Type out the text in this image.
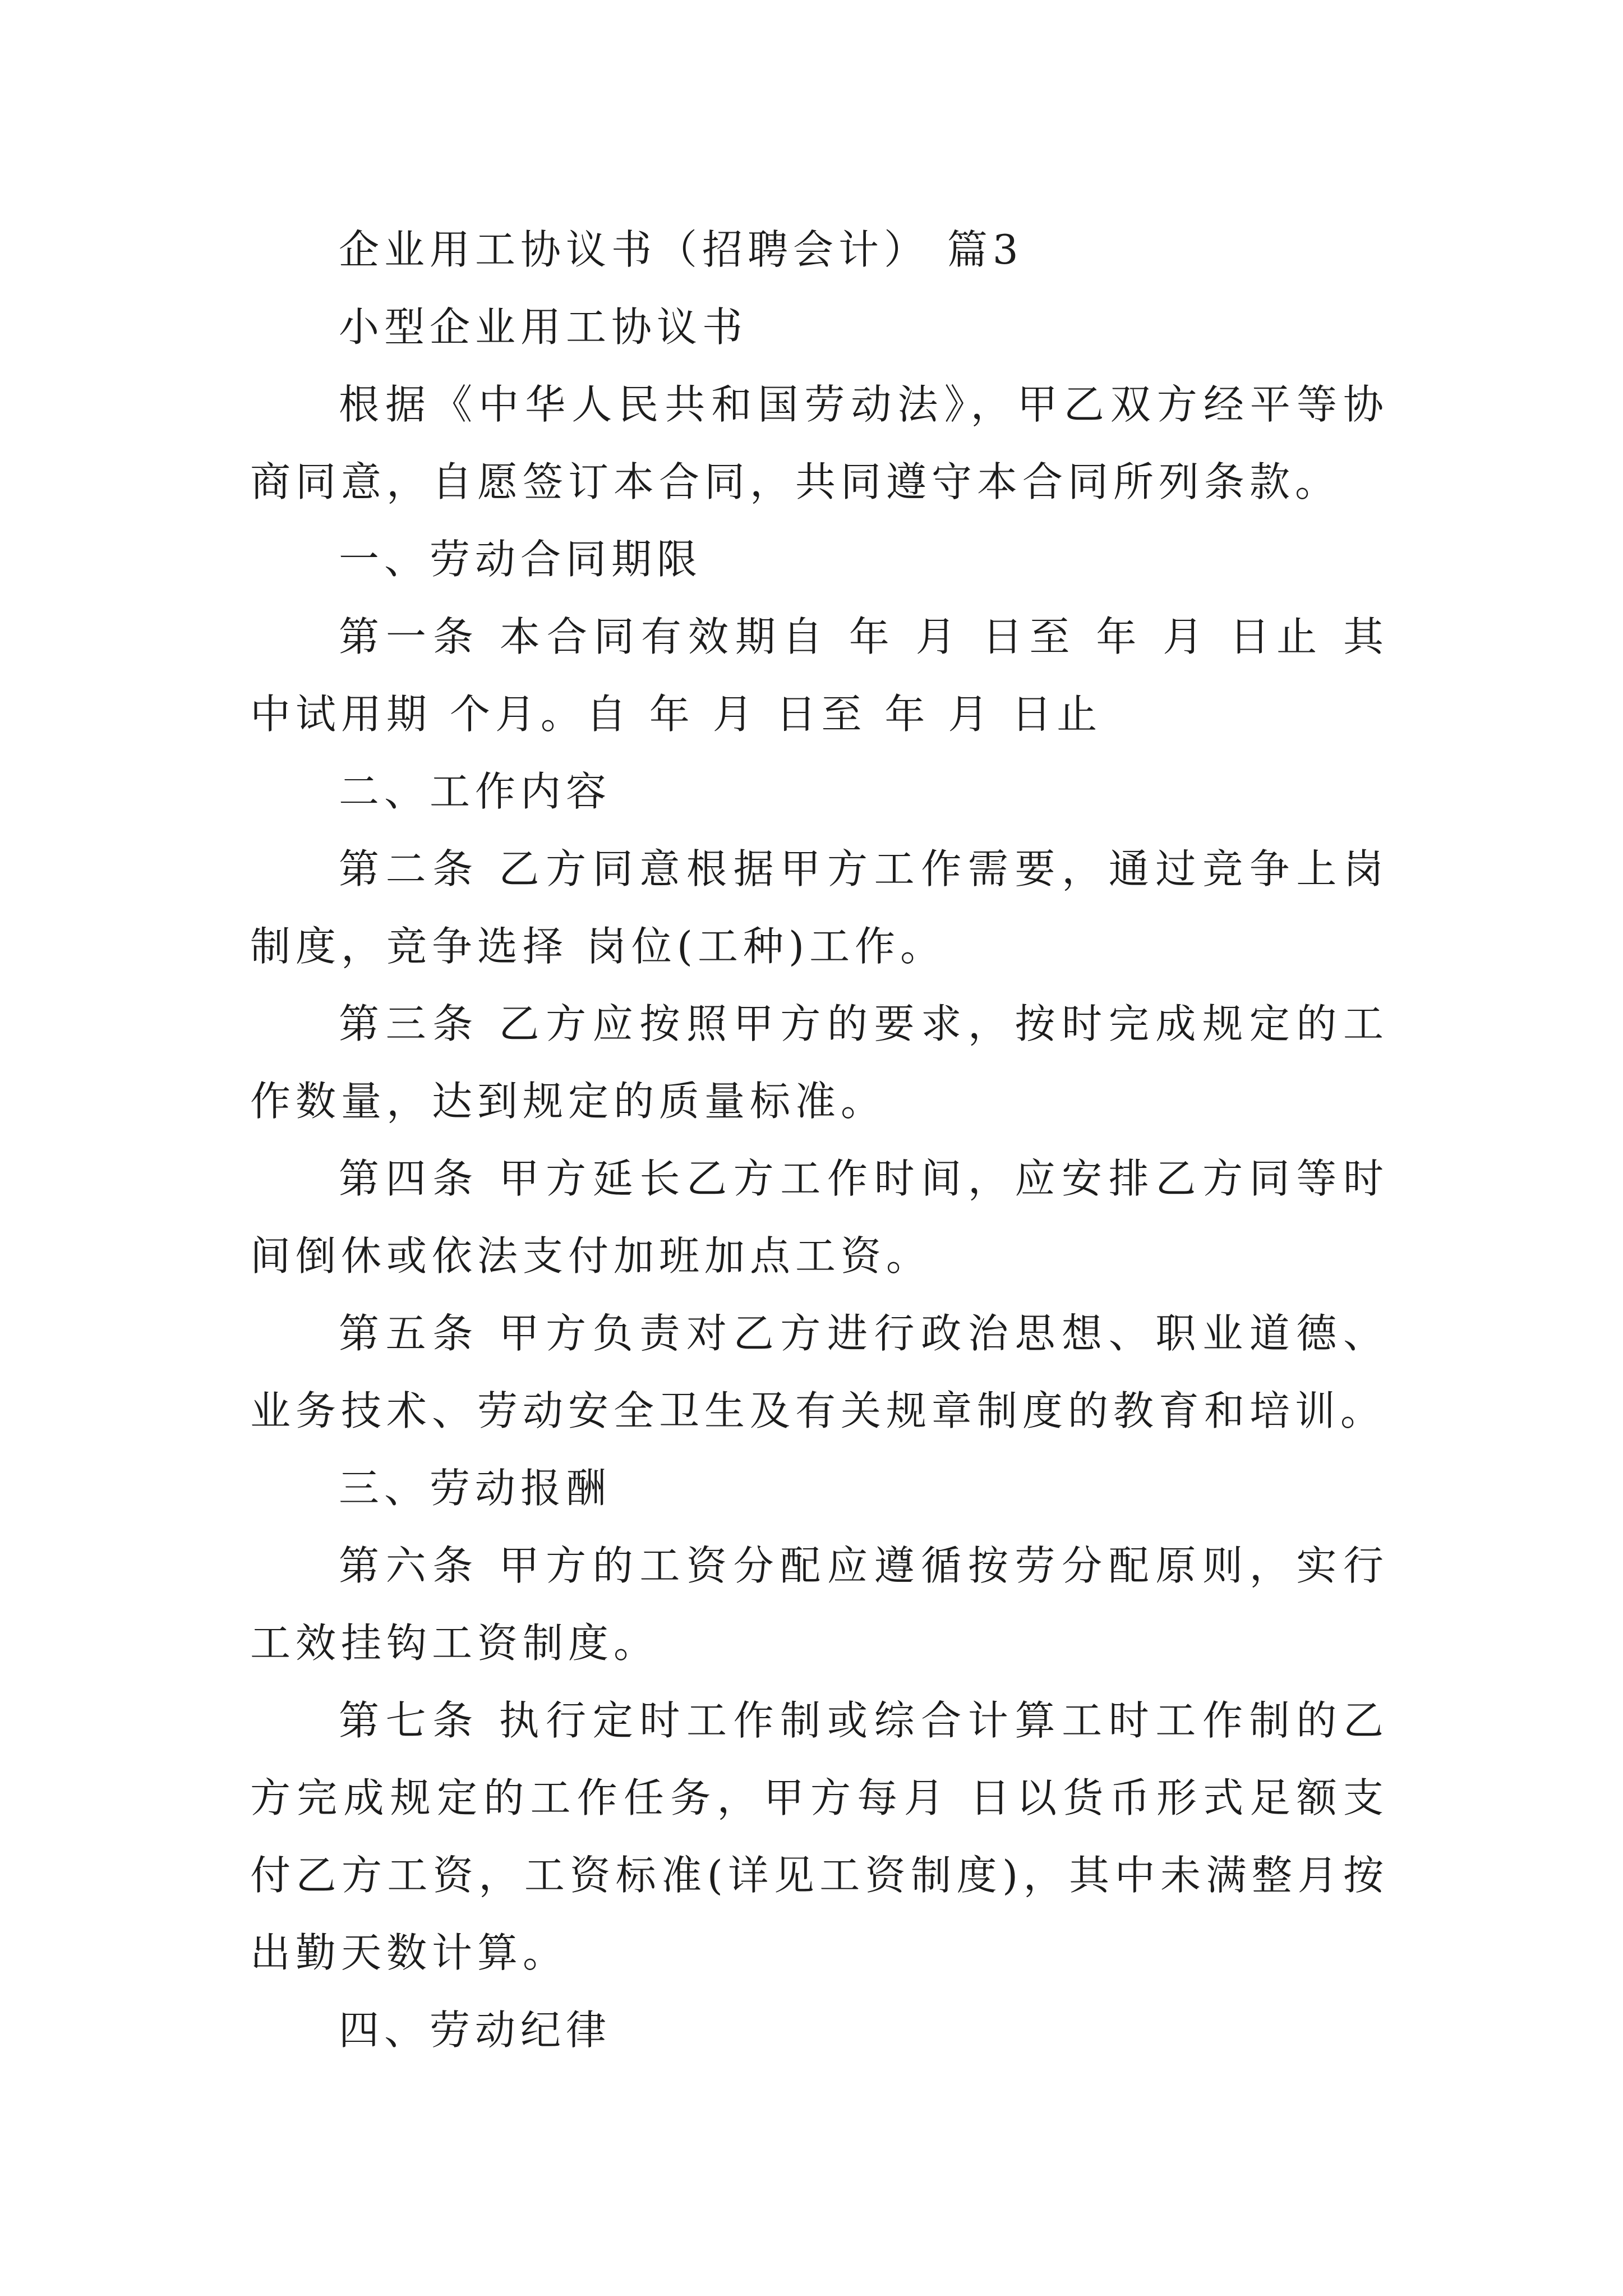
企业用工协议书（招聘会计） 篇3

小型企业用工协议书

根据《中华人民共和国劳动法》，甲乙双方经平等协商同意，自愿签订本合同，共同遵守本合同所列条款。

一、劳动合同期限

第一条 本合同有效期自 年 月 日至 年 月 日止 其中试用期 个月。自 年 月 日至 年 月 日止

二、工作内容

第二条 乙方同意根据甲方工作需要，通过竞争上岗制度，竞争选择 岗位(工种)工作。

第三条 乙方应按照甲方的要求，按时完成规定的工作数量，达到规定的质量标准。

第四条 甲方延长乙方工作时间，应安排乙方同等时间倒休或依法支付加班加点工资。

第五条 甲方负责对乙方进行政治思想、职业道德、业务技术、劳动安全卫生及有关规章制度的教育和培训。

三、劳动报酬

第六条 甲方的工资分配应遵循按劳分配原则，实行工效挂钩工资制度。

第七条 执行定时工作制或综合计算工时工作制的乙方完成规定的工作任务，甲方每月 日以货币形式足额支付乙方工资，工资标准(详见工资制度)，其中未满整月按出勤天数计算。

四、劳动纪律
